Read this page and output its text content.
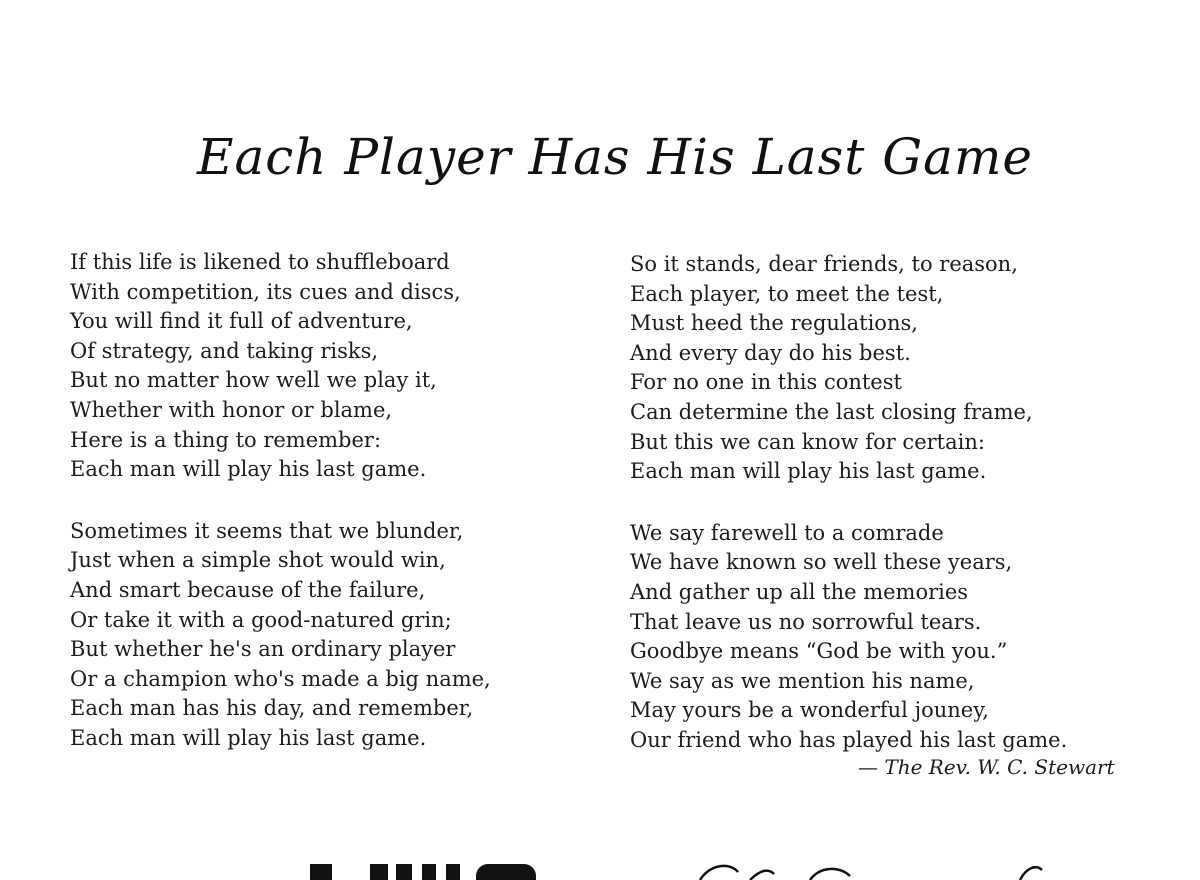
Each Player Has His Last Game

If this life is likened to shuffleboard
With competition, its cues and discs,
You will find it full of adventure,
Of strategy, and taking risks,
But no matter how well we play it,
Whether with honor or blame,
Here is a thing to remember:
Each man will play his last game.

Sometimes it seems that we blunder,
Just when a simple shot would win,
And smart because of the failure,
Or take it with a good-natured grin;
But whether he's an ordinary player
Or a champion who's made a big name,
Each man has his day, and remember,
Each man will play his last game.

So it stands, dear friends, to reason,
Each player, to meet the test,
Must heed the regulations,
And every day do his best.
For no one in this contest
Can determine the last closing frame,
But this we can know for certain:
Each man will play his last game.

We say farewell to a comrade
We have known so well these years,
And gather up all the memories
That leave us no sorrowful tears.
Goodbye means “God be with you.”
We say as we mention his name,
May yours be a wonderful jouney,
Our friend who has played his last game.

— The Rev. W. C. Stewart
